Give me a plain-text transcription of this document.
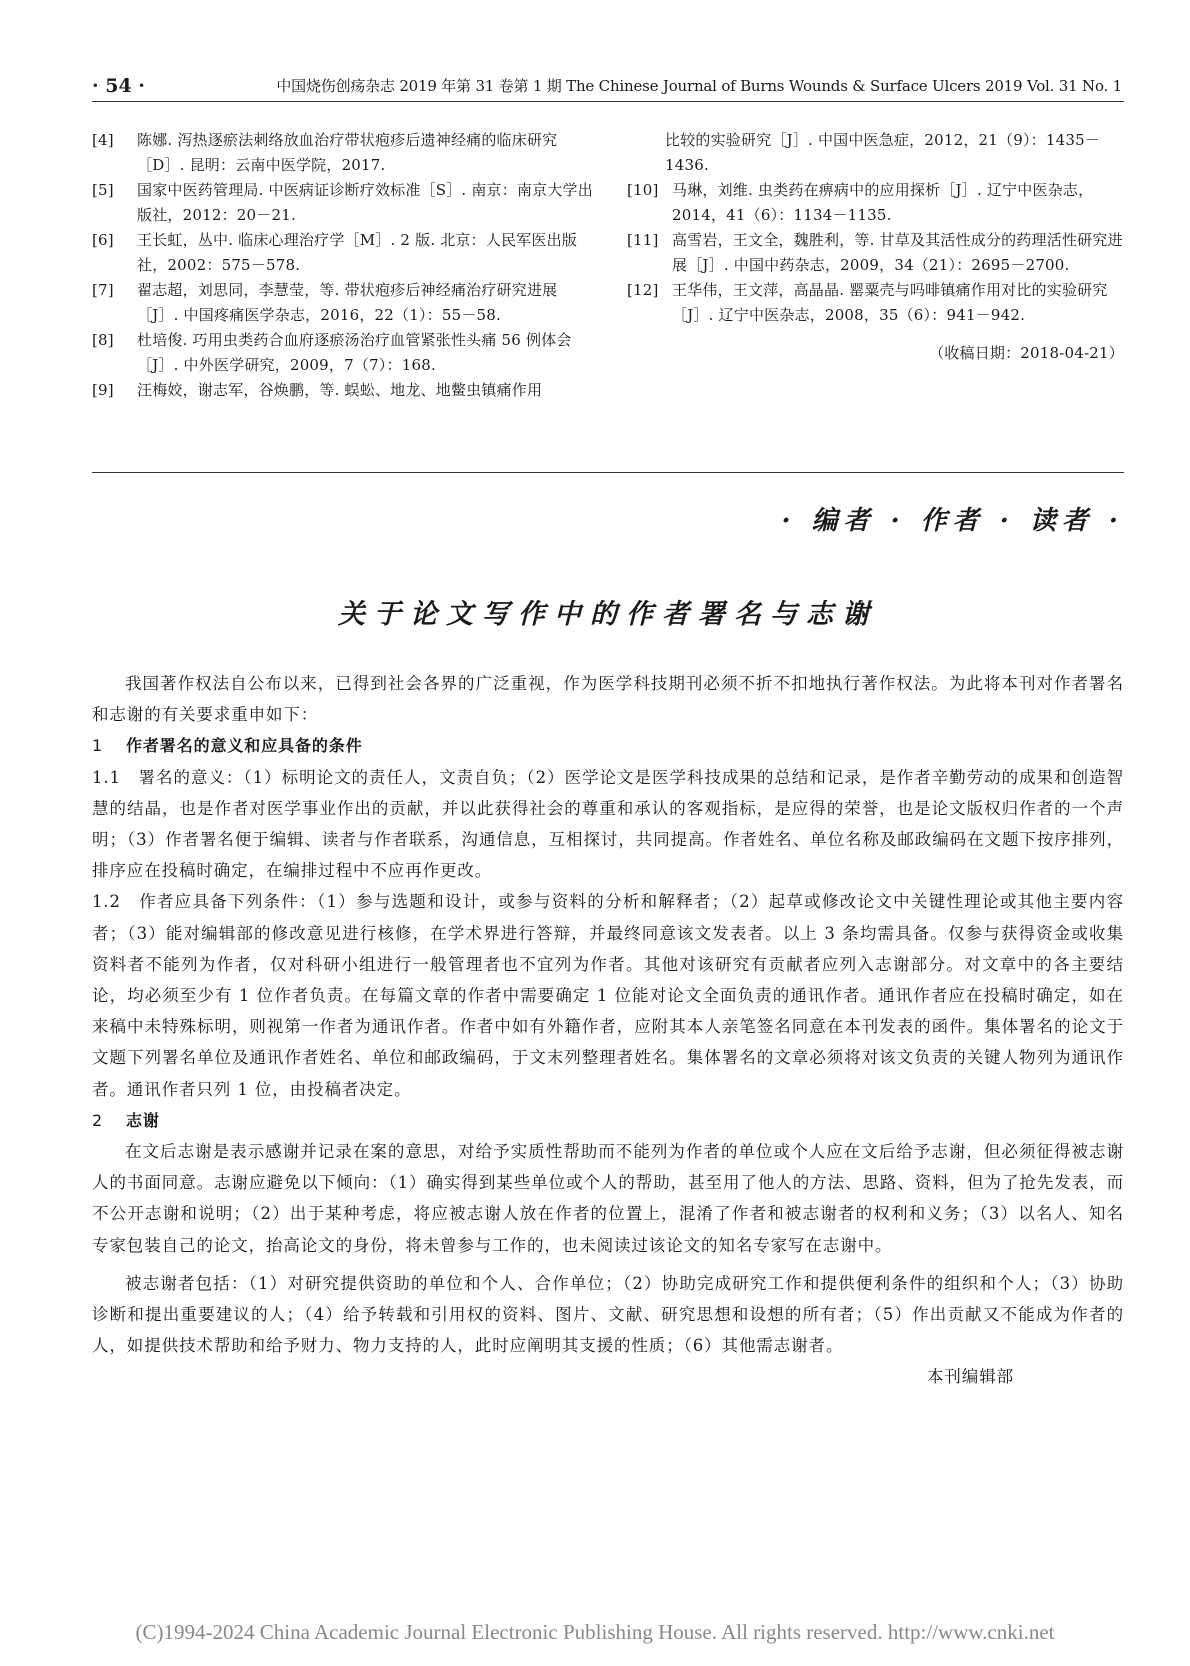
· 54 ·	中国烧伤创疡杂志 2019 年第 31 卷第 1 期 The Chinese Journal of Burns Wounds & Surface Ulcers 2019 Vol. 31 No. 1

[4] 陈娜. 泻热逐瘀法刺络放血治疗带状疱疹后遗神经痛的临床研究［D］. 昆明：云南中医学院，2017.

[5] 国家中医药管理局. 中医病证诊断疗效标准［S］. 南京：南京大学出版社，2012：20－21.

[6] 王长虹，丛中. 临床心理治疗学［M］. 2 版. 北京：人民军医出版社，2002：575－578.

[7] 翟志超，刘思同，李慧莹，等. 带状疱疹后神经痛治疗研究进展［J］. 中国疼痛医学杂志，2016，22（1）：55－58.

[8] 杜培俊. 巧用虫类药合血府逐瘀汤治疗血管紧张性头痛 56 例体会［J］. 中外医学研究，2009，7（7）：168.

[9] 汪梅姣，谢志军，谷焕鹏，等. 蜈蚣、地龙、地鳖虫镇痛作用

比较的实验研究［J］. 中国中医急症，2012，21（9）：1435－1436.

[10] 马琳，刘维. 虫类药在痹病中的应用探析［J］. 辽宁中医杂志，2014，41（6）：1134－1135.

[11] 高雪岩，王文全，魏胜利，等. 甘草及其活性成分的药理活性研究进展［J］. 中国中药杂志，2009，34（21）：2695－2700.

[12] 王华伟，王文萍，高晶晶. 罂粟壳与吗啡镇痛作用对比的实验研究［J］. 辽宁中医杂志，2008，35（6）：941－942.

（收稿日期：2018-04-21）

· 编者 · 作者 · 读者 ·
关于论文写作中的作者署名与志谢

我国著作权法自公布以来，已得到社会各界的广泛重视，作为医学科技期刊必须不折不扣地执行著作权法。为此将本刊对作者署名和志谢的有关要求重申如下：

1 作者署名的意义和应具备的条件

1.1　署名的意义：（1）标明论文的责任人，文责自负；（2）医学论文是医学科技成果的总结和记录，是作者辛勤劳动的成果和创造智慧的结晶，也是作者对医学事业作出的贡献，并以此获得社会的尊重和承认的客观指标，是应得的荣誉，也是论文版权归作者的一个声明；（3）作者署名便于编辑、读者与作者联系，沟通信息，互相探讨，共同提高。作者姓名、单位名称及邮政编码在文题下按序排列，排序应在投稿时确定，在编排过程中不应再作更改。

1.2　作者应具备下列条件：（1）参与选题和设计，或参与资料的分析和解释者；（2）起草或修改论文中关键性理论或其他主要内容者；（3）能对编辑部的修改意见进行核修，在学术界进行答辩，并最终同意该文发表者。以上 3 条均需具备。仅参与获得资金或收集资料者不能列为作者，仅对科研小组进行一般管理者也不宜列为作者。其他对该研究有贡献者应列入志谢部分。对文章中的各主要结论，均必须至少有 1 位作者负责。在每篇文章的作者中需要确定 1 位能对论文全面负责的通讯作者。通讯作者应在投稿时确定，如在来稿中未特殊标明，则视第一作者为通讯作者。作者中如有外籍作者，应附其本人亲笔签名同意在本刊发表的函件。集体署名的论文于文题下列署名单位及通讯作者姓名、单位和邮政编码，于文末列整理者姓名。集体署名的文章必须将对该文负责的关键人物列为通讯作者。通讯作者只列 1 位，由投稿者决定。

2 志谢

在文后志谢是表示感谢并记录在案的意思，对给予实质性帮助而不能列为作者的单位或个人应在文后给予志谢，但必须征得被志谢人的书面同意。志谢应避免以下倾向：（1）确实得到某些单位或个人的帮助，甚至用了他人的方法、思路、资料，但为了抢先发表，而不公开志谢和说明；（2）出于某种考虑，将应被志谢人放在作者的位置上，混淆了作者和被志谢者的权利和义务；（3）以名人、知名专家包装自己的论文，抬高论文的身份，将未曾参与工作的，也未阅读过该论文的知名专家写在志谢中。

被志谢者包括：（1）对研究提供资助的单位和个人、合作单位；（2）协助完成研究工作和提供便利条件的组织和个人；（3）协助诊断和提出重要建议的人；（4）给予转载和引用权的资料、图片、文献、研究思想和设想的所有者；（5）作出贡献又不能成为作者的人，如提供技术帮助和给予财力、物力支持的人，此时应阐明其支援的性质；（6）其他需志谢者。

本刊编辑部

(C)1994-2024 China Academic Journal Electronic Publishing House. All rights reserved. http://www.cnki.net
